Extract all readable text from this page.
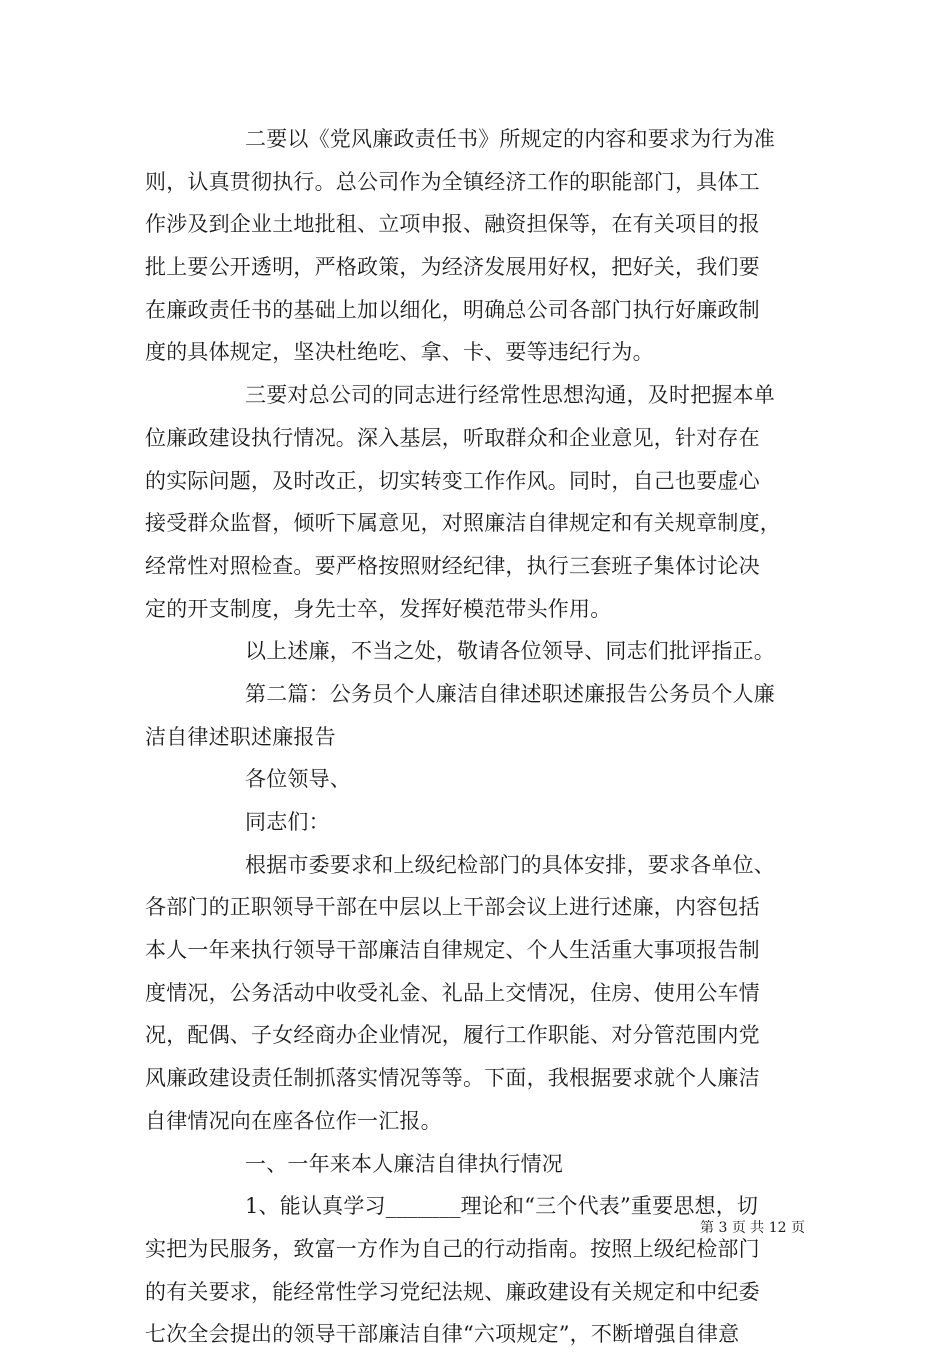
二要以《党风廉政责任书》所规定的内容和要求为行为准
则，认真贯彻执行。总公司作为全镇经济工作的职能部门，具体工
作涉及到企业土地批租、立项申报、融资担保等，在有关项目的报
批上要公开透明，严格政策，为经济发展用好权，把好关，我们要
在廉政责任书的基础上加以细化，明确总公司各部门执行好廉政制
度的具体规定，坚决杜绝吃、拿、卡、要等违纪行为。
三要对总公司的同志进行经常性思想沟通，及时把握本单
位廉政建设执行情况。深入基层，听取群众和企业意见，针对存在
的实际问题，及时改正，切实转变工作作风。同时，自己也要虚心
接受群众监督，倾听下属意见，对照廉洁自律规定和有关规章制度，
经常性对照检查。要严格按照财经纪律，执行三套班子集体讨论决
定的开支制度，身先士卒，发挥好模范带头作用。
以上述廉，不当之处，敬请各位领导、同志们批评指正。
第二篇：公务员个人廉洁自律述职述廉报告公务员个人廉
洁自律述职述廉报告
各位领导、
同志们：
根据市委要求和上级纪检部门的具体安排，要求各单位、
各部门的正职领导干部在中层以上干部会议上进行述廉，内容包括
本人一年来执行领导干部廉洁自律规定、个人生活重大事项报告制
度情况，公务活动中收受礼金、礼品上交情况，住房、使用公车情
况，配偶、子女经商办企业情况，履行工作职能、对分管范围内党
风廉政建设责任制抓落实情况等等。下面，我根据要求就个人廉洁
自律情况向在座各位作一汇报。
一、一年来本人廉洁自律执行情况
1、能认真学习_______理论和“三个代表”重要思想，切
实把为民服务，致富一方作为自己的行动指南。按照上级纪检部门
的有关要求，能经常性学习党纪法规、廉政建设有关规定和中纪委
七次全会提出的领导干部廉洁自律“六项规定”，不断增强自律意
第 3 页 共 12 页
